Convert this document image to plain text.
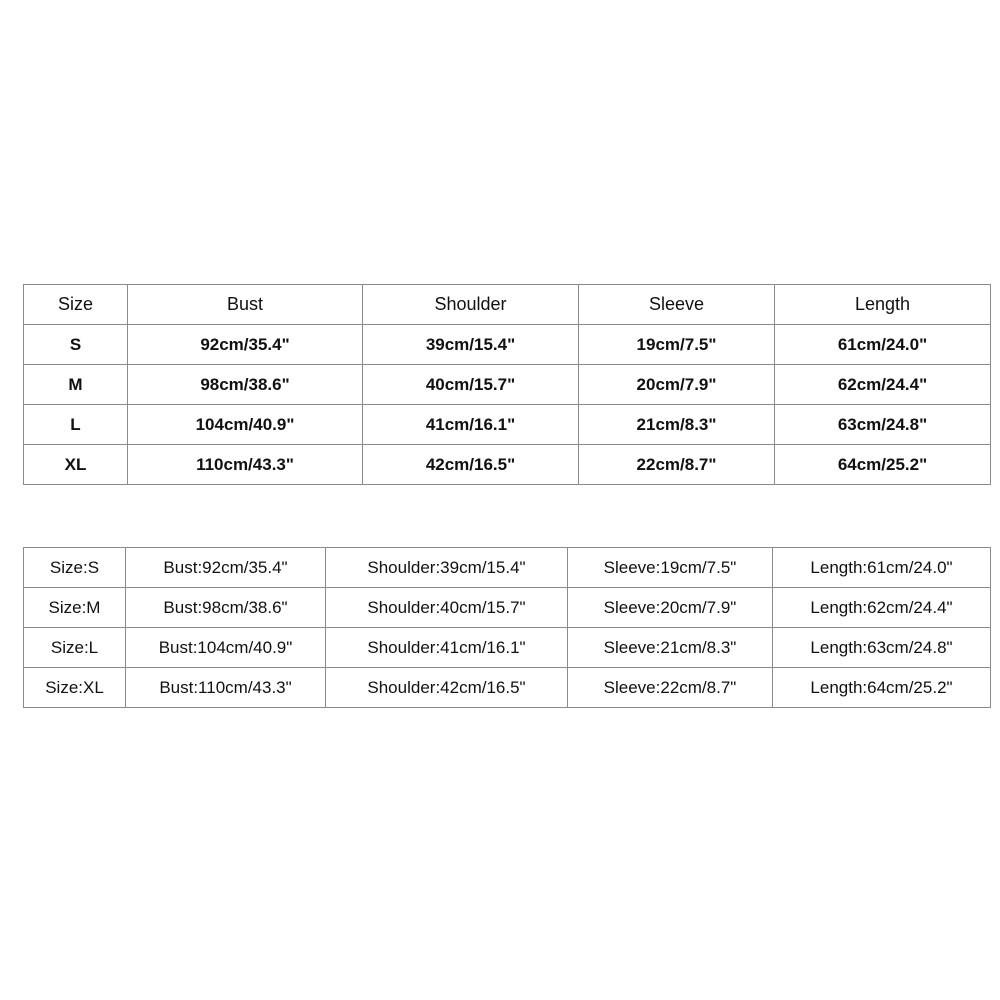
Size	Bust	Shoulder	Sleeve	Length
S	92cm/35.4"	39cm/15.4"	19cm/7.5"	61cm/24.0"
M	98cm/38.6"	40cm/15.7"	20cm/7.9"	62cm/24.4"
L	104cm/40.9"	41cm/16.1"	21cm/8.3"	63cm/24.8"
XL	110cm/43.3"	42cm/16.5"	22cm/8.7"	64cm/25.2"
Size:S	Bust:92cm/35.4"	Shoulder:39cm/15.4"	Sleeve:19cm/7.5"	Length:61cm/24.0"
Size:M	Bust:98cm/38.6"	Shoulder:40cm/15.7"	Sleeve:20cm/7.9"	Length:62cm/24.4"
Size:L	Bust:104cm/40.9"	Shoulder:41cm/16.1"	Sleeve:21cm/8.3"	Length:63cm/24.8"
Size:XL	Bust:110cm/43.3"	Shoulder:42cm/16.5"	Sleeve:22cm/8.7"	Length:64cm/25.2"
